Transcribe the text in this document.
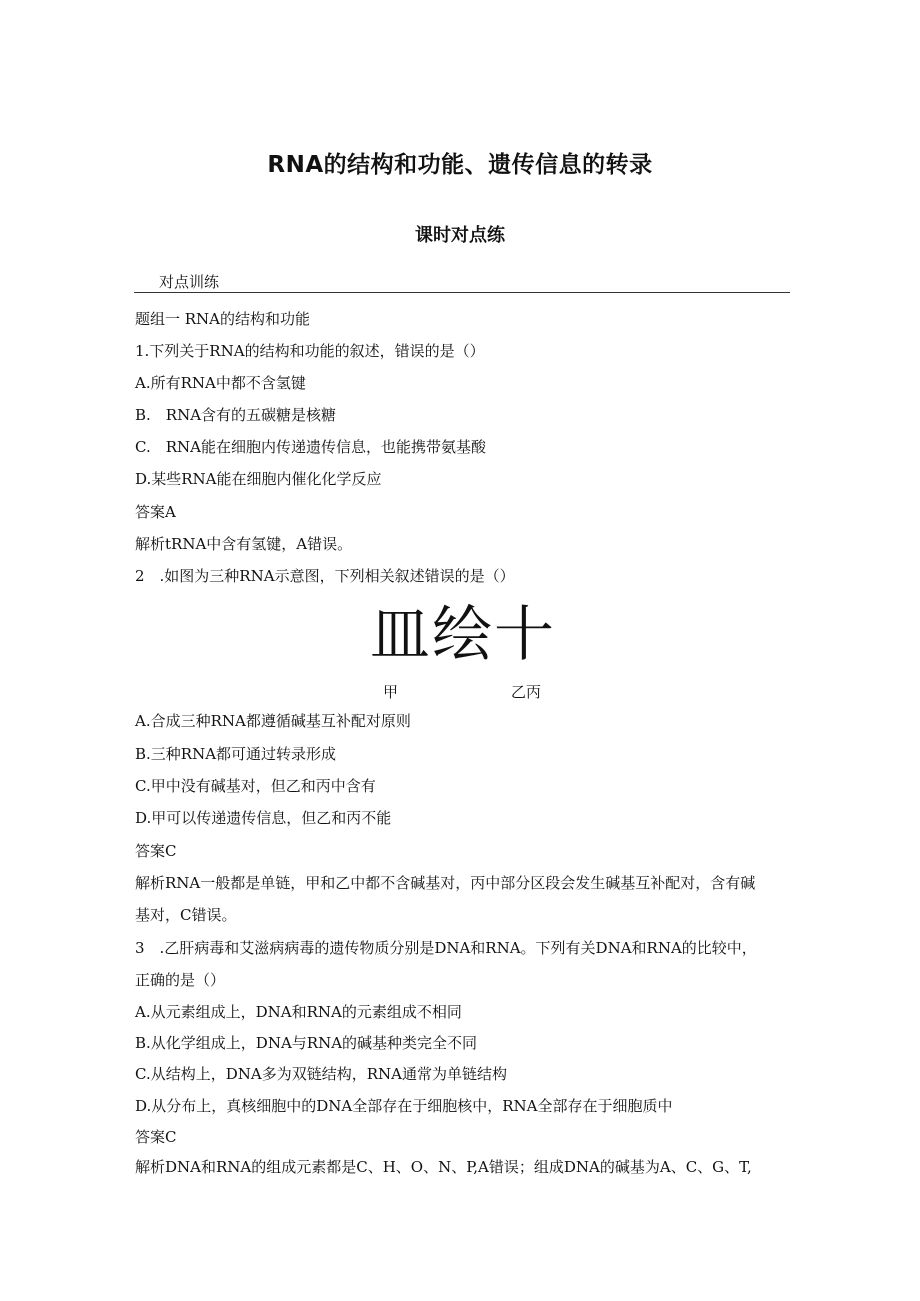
RNA的结构和功能、遗传信息的转录
课时对点练
对点训练
题组一 RNA的结构和功能
1.下列关于RNA的结构和功能的叙述，错误的是（）
A.所有RNA中都不含氢键
B.　RNA含有的五碳糖是核糖
C.　RNA能在细胞内传递遗传信息，也能携带氨基酸
D.某些RNA能在细胞内催化化学反应
答案A
解析tRNA中含有氢键，A错误。
2　.如图为三种RNA示意图，下列相关叙述错误的是（）
皿绘十
甲	乙丙
A.合成三种RNA都遵循碱基互补配对原则
B.三种RNA都可通过转录形成
C.甲中没有碱基对，但乙和丙中含有
D.甲可以传递遗传信息，但乙和丙不能
答案C
解析RNA一般都是单链，甲和乙中都不含碱基对，丙中部分区段会发生碱基互补配对，含有碱
基对，C错误。
3　.乙肝病毒和艾滋病病毒的遗传物质分别是DNA和RNA。下列有关DNA和RNA的比较中，
正确的是（）
A.从元素组成上，DNA和RNA的元素组成不相同
B.从化学组成上，DNA与RNA的碱基种类完全不同
C.从结构上，DNA多为双链结构，RNA通常为单链结构
D.从分布上，真核细胞中的DNA全部存在于细胞核中，RNA全部存在于细胞质中
答案C
解析DNA和RNA的组成元素都是C、H、O、N、P,A错误；组成DNA的碱基为A、C、G、T,
